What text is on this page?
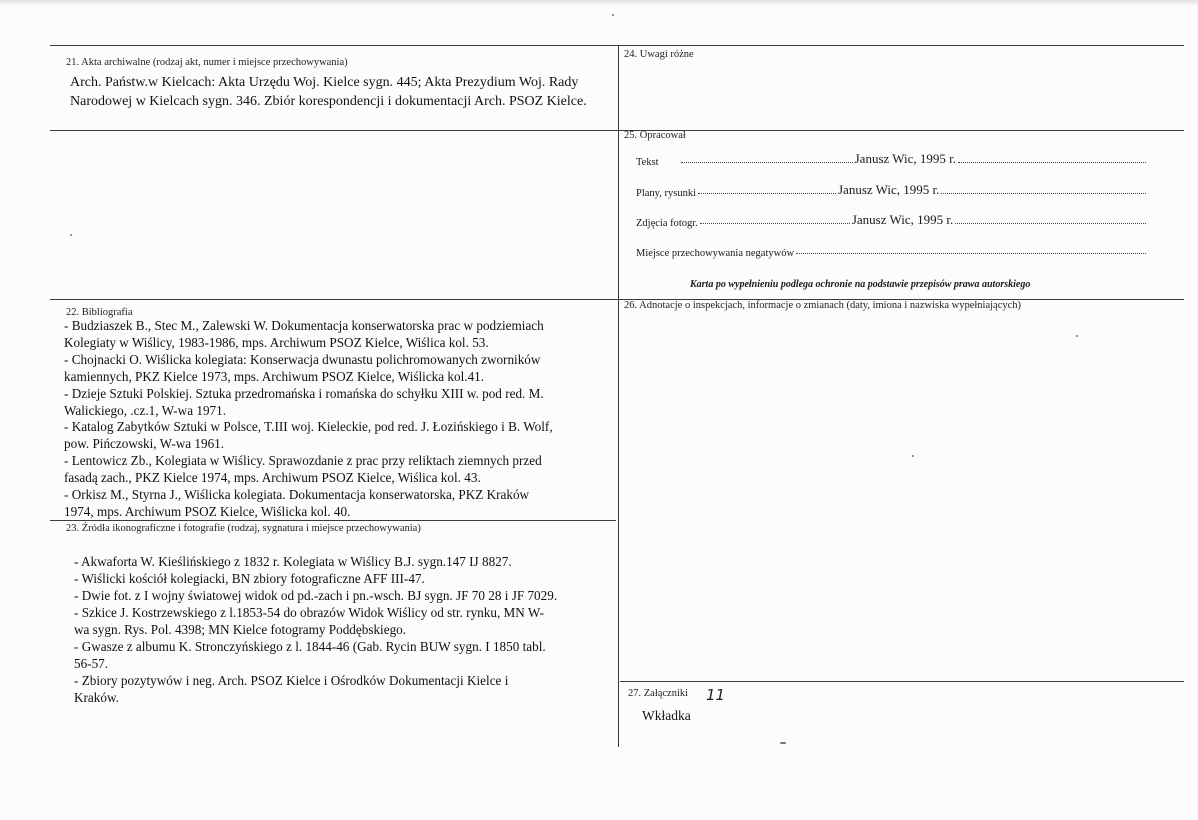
21. Akta archiwalne (rodzaj akt, numer i miejsce przechowywania)
Arch. Państw.w Kielcach: Akta Urzędu Woj. Kielce sygn. 445; Akta Prezydium Woj. Rady
Narodowej w Kielcach sygn. 346. Zbiór korespondencji i dokumentacji Arch. PSOZ Kielce.
24. Uwagi różne
25. Opracował
Tekst	Janusz Wic, 1995 r.
Plany, rysunki	Janusz Wic, 1995 r.
Zdjęcia fotogr.	Janusz Wic, 1995 r.
Miejsce przechowywania negatywów
Karta po wypełnieniu podlega ochronie na podstawie przepisów prawa autorskiego
22. Bibliografia
- Budziaszek B., Stec M., Zalewski W. Dokumentacja konserwatorska prac w podziemiach
Kolegiaty w Wiślicy, 1983-1986, mps. Archiwum PSOZ Kielce, Wiślica kol. 53.
- Chojnacki O. Wiślicka kolegiata: Konserwacja dwunastu polichromowanych zworników
kamiennych, PKZ Kielce 1973, mps. Archiwum PSOZ Kielce, Wiślicka kol.41.
- Dzieje Sztuki Polskiej. Sztuka przedromańska i romańska do schyłku XIII w. pod red. M.
Walickiego, .cz.1, W-wa 1971.
- Katalog Zabytków Sztuki w Polsce, T.III woj. Kieleckie, pod red. J. Łozińskiego i B. Wolf,
pow. Pińczowski, W-wa 1961.
- Lentowicz Zb., Kolegiata w Wiślicy. Sprawozdanie z prac przy reliktach ziemnych przed
fasadą zach., PKZ Kielce 1974, mps. Archiwum PSOZ Kielce, Wiślica kol. 43.
- Orkisz M., Styrna J., Wiślicka kolegiata. Dokumentacja konserwatorska, PKZ Kraków
1974, mps. Archiwum PSOZ Kielce, Wiślicka kol. 40.
26. Adnotacje o inspekcjach, informacje o zmianach (daty, imiona i nazwiska wypełniających)
23. Źródła ikonograficzne i fotografie (rodzaj, sygnatura i miejsce przechowywania)
- Akwaforta W. Kieślińskiego z 1832 r. Kolegiata w Wiślicy B.J. sygn.147 IJ 8827.
- Wiślicki kościół kolegiacki, BN zbiory fotograficzne AFF III-47.
- Dwie fot. z I wojny światowej widok od pd.-zach i pn.-wsch. BJ sygn. JF 70 28 i JF 7029.
- Szkice J. Kostrzewskiego z l.1853-54 do obrazów Widok Wiślicy od str. rynku, MN W-
wa sygn. Rys. Pol. 4398; MN Kielce fotogramy Poddębskiego.
- Gwasze z albumu K. Stronczyńskiego z l. 1844-46 (Gab. Rycin BUW sygn. I 1850 tabl.
56-57.
- Zbiory pozytywów i neg. Arch. PSOZ Kielce i Ośrodków Dokumentacji Kielce i
Kraków.	27. Załączniki 11
Wkładka
